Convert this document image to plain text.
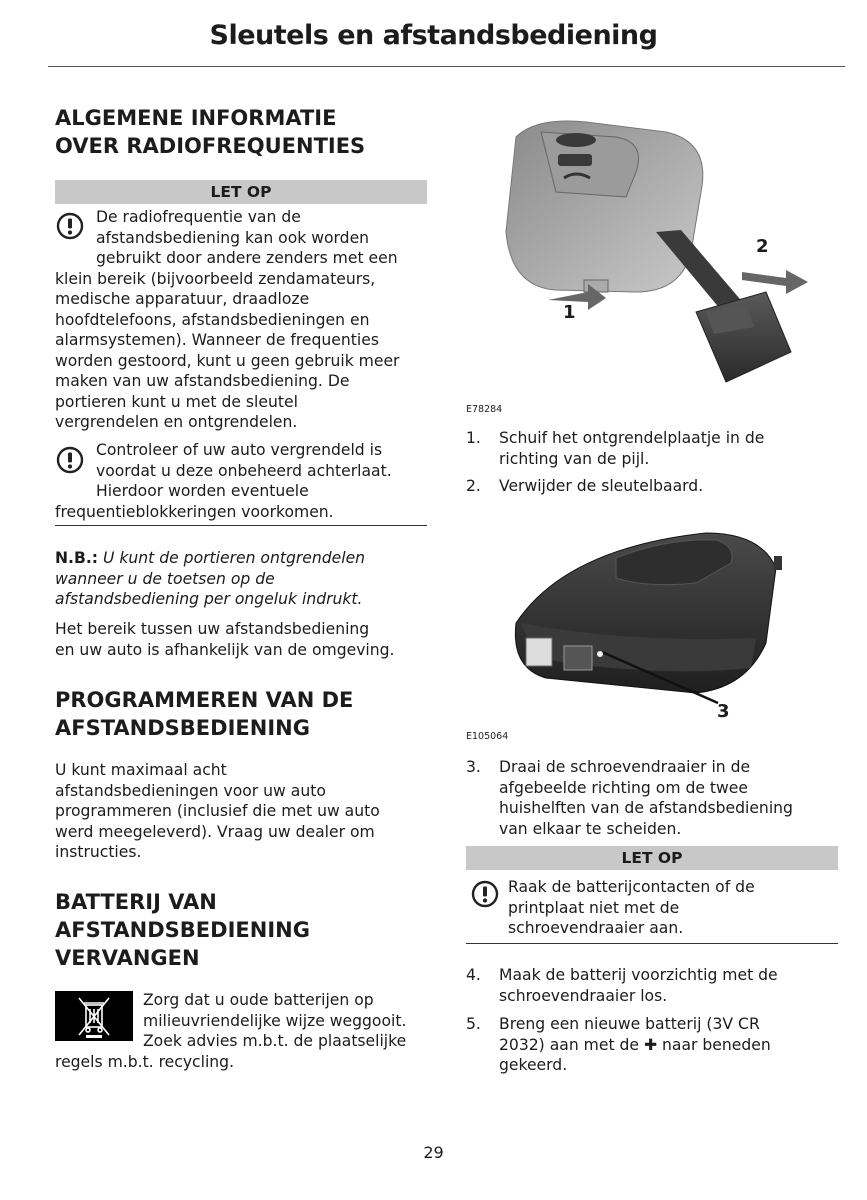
Sleutels en afstandsbediening
ALGEMENE INFORMATIE
OVER RADIOFREQUENTIES
LET OP
De radiofrequentie van de
afstandsbediening kan ook worden
gebruikt door andere zenders met een
klein bereik (bijvoorbeeld zendamateurs,
medische apparatuur, draadloze
hoofdtelefoons, afstandsbedieningen en
alarmsystemen). Wanneer de frequenties
worden gestoord, kunt u geen gebruik meer
maken van uw afstandsbediening. De
portieren kunt u met de sleutel
vergrendelen en ontgrendelen.
Controleer of uw auto vergrendeld is
voordat u deze onbeheerd achterlaat.
Hierdoor worden eventuele
frequentieblokkeringen voorkomen.
N.B.: U kunt de portieren ontgrendelen
wanneer u de toetsen op de
afstandsbediening per ongeluk indrukt.
Het bereik tussen uw afstandsbediening
en uw auto is afhankelijk van de omgeving.
PROGRAMMEREN VAN DE
AFSTANDSBEDIENING
U kunt maximaal acht
afstandsbedieningen voor uw auto
programmeren (inclusief die met uw auto
werd meegeleverd). Vraag uw dealer om
instructies.
BATTERIJ VAN
AFSTANDSBEDIENING
VERVANGEN
Zorg dat u oude batterijen op
milieuvriendelijke wijze weggooit.
Zoek advies m.b.t. de plaatselijke
regels m.b.t. recycling.
2
1
E78284
1. Schuif het ontgrendelplaatje in de
richting van de pijl.
2. Verwijder de sleutelbaard.
3
E105064
3. Draai de schroevendraaier in de
afgebeelde richting om de twee
huishelften van de afstandsbediening
van elkaar te scheiden.
LET OP
Raak de batterijcontacten of de
printplaat niet met de
schroevendraaier aan.
4. Maak de batterij voorzichtig met de
schroevendraaier los.
5. Breng een nieuwe batterij (3V CR
2032) aan met de ✚ naar beneden
gekeerd.
29
